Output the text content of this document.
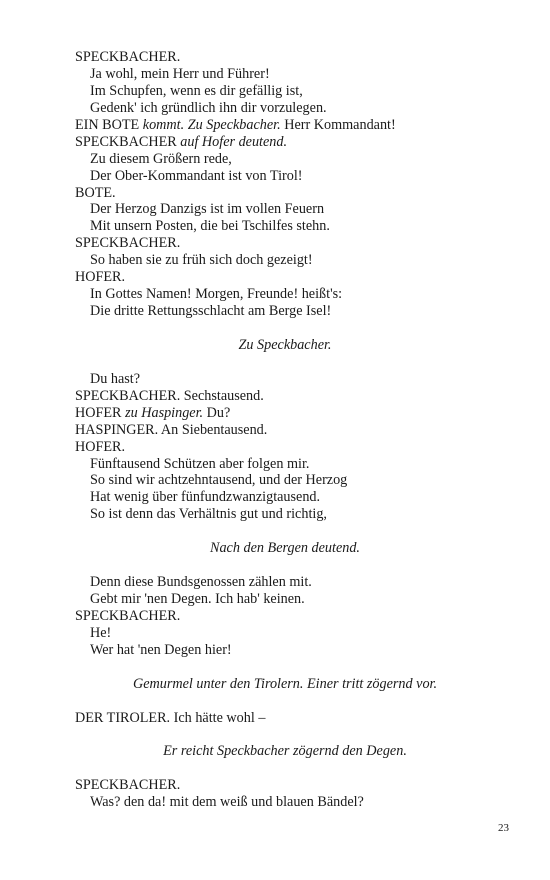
SPECKBACHER.
Ja wohl, mein Herr und Führer!
Im Schupfen, wenn es dir gefällig ist,
Gedenk' ich gründlich ihn dir vorzulegen.
EIN BOTE kommt. Zu Speckbacher. Herr Kommandant!
SPECKBACHER auf Hofer deutend.
Zu diesem Größern rede,
Der Ober-Kommandant ist von Tirol!
BOTE.
Der Herzog Danzigs ist im vollen Feuern
Mit unsern Posten, die bei Tschilfes stehn.
SPECKBACHER.
So haben sie zu früh sich doch gezeigt!
HOFER.
In Gottes Namen! Morgen, Freunde! heißt's:
Die dritte Rettungsschlacht am Berge Isel!
Zu Speckbacher.
Du hast?
SPECKBACHER. Sechstausend.
HOFER zu Haspinger. Du?
HASPINGER. An Siebentausend.
HOFER.
Fünftausend Schützen aber folgen mir.
So sind wir achtzehntausend, und der Herzog
Hat wenig über fünfundzwanzigtausend.
So ist denn das Verhältnis gut und richtig,
Nach den Bergen deutend.
Denn diese Bundsgenossen zählen mit.
Gebt mir 'nen Degen. Ich hab' keinen.
SPECKBACHER.
He!
Wer hat 'nen Degen hier!
Gemurmel unter den Tirolern. Einer tritt zögernd vor.
DER TIROLER. Ich hätte wohl –
Er reicht Speckbacher zögernd den Degen.
SPECKBACHER.
Was? den da! mit dem weiß und blauen Bändel?
23
